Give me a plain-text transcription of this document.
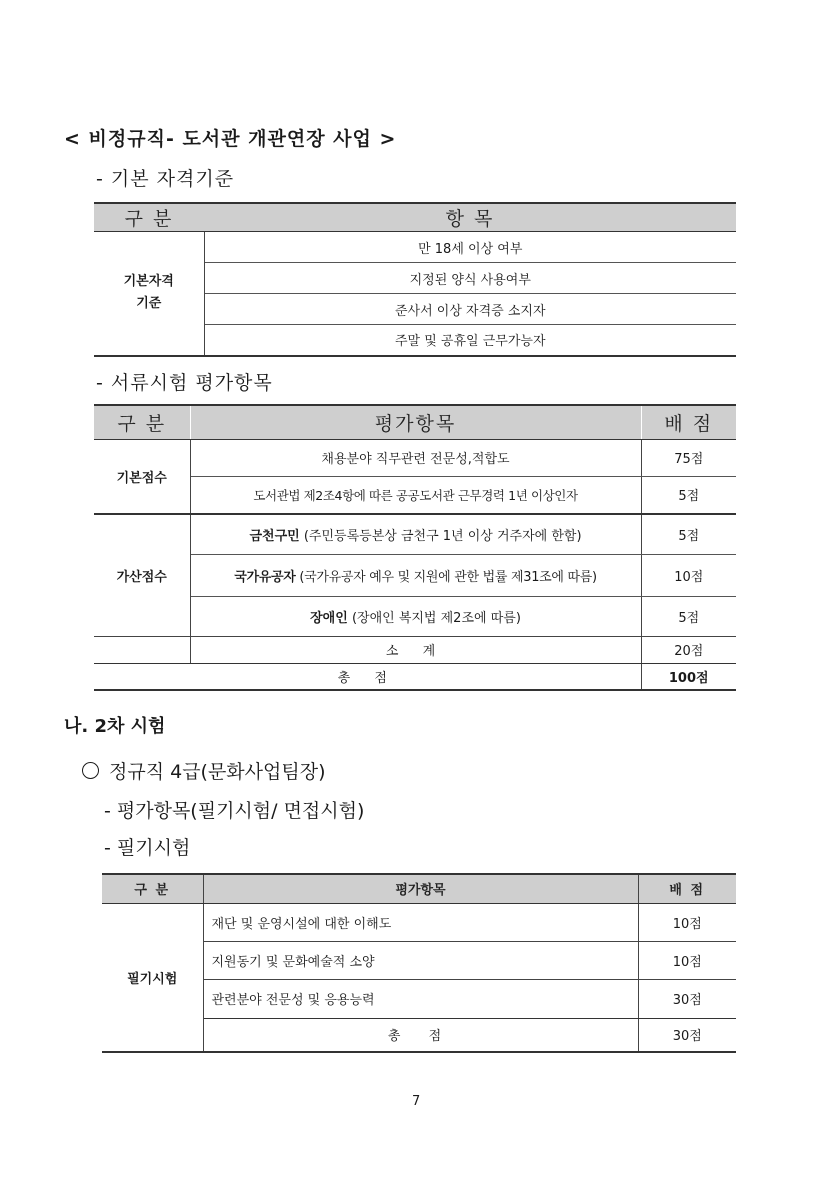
< 비정규직- 도서관 개관연장 사업 >
- 기본 자격기준
구 분	항 목
기본자격
기준	만 18세 이상 여부
	지정된 양식 사용여부
	준사서 이상 자격증 소지자
	주말 및 공휴일 근무가능자
- 서류시험 평가항목
구 분	평가항목	배 점
기본점수	채용분야 직무관련 전문성,적합도	75점
	도서관법 제2조4항에 따른 공공도서관 근무경력 1년 이상인자	5점
가산점수	금천구민 (주민등록등본상 금천구 1년 이상 거주자에 한함)	5점
	국가유공자 (국가유공자 예우 및 지원에 관한 법률 제31조에 따름)	10점
	장애인 (장애인 복지법 제2조에 따름)	5점
	소 계	20점
총 점		100점
나. 2차 시험
정규직 4급(문화사업팀장)
- 평가항목(필기시험/ 면접시험)
- 필기시험
구 분	평가항목	배 점
필기시험	재단 및 운영시설에 대한 이해도	10점
	지원동기 및 문화예술적 소양	10점
	관련분야 전문성 및 응용능력	30점
	총 점	30점
7
